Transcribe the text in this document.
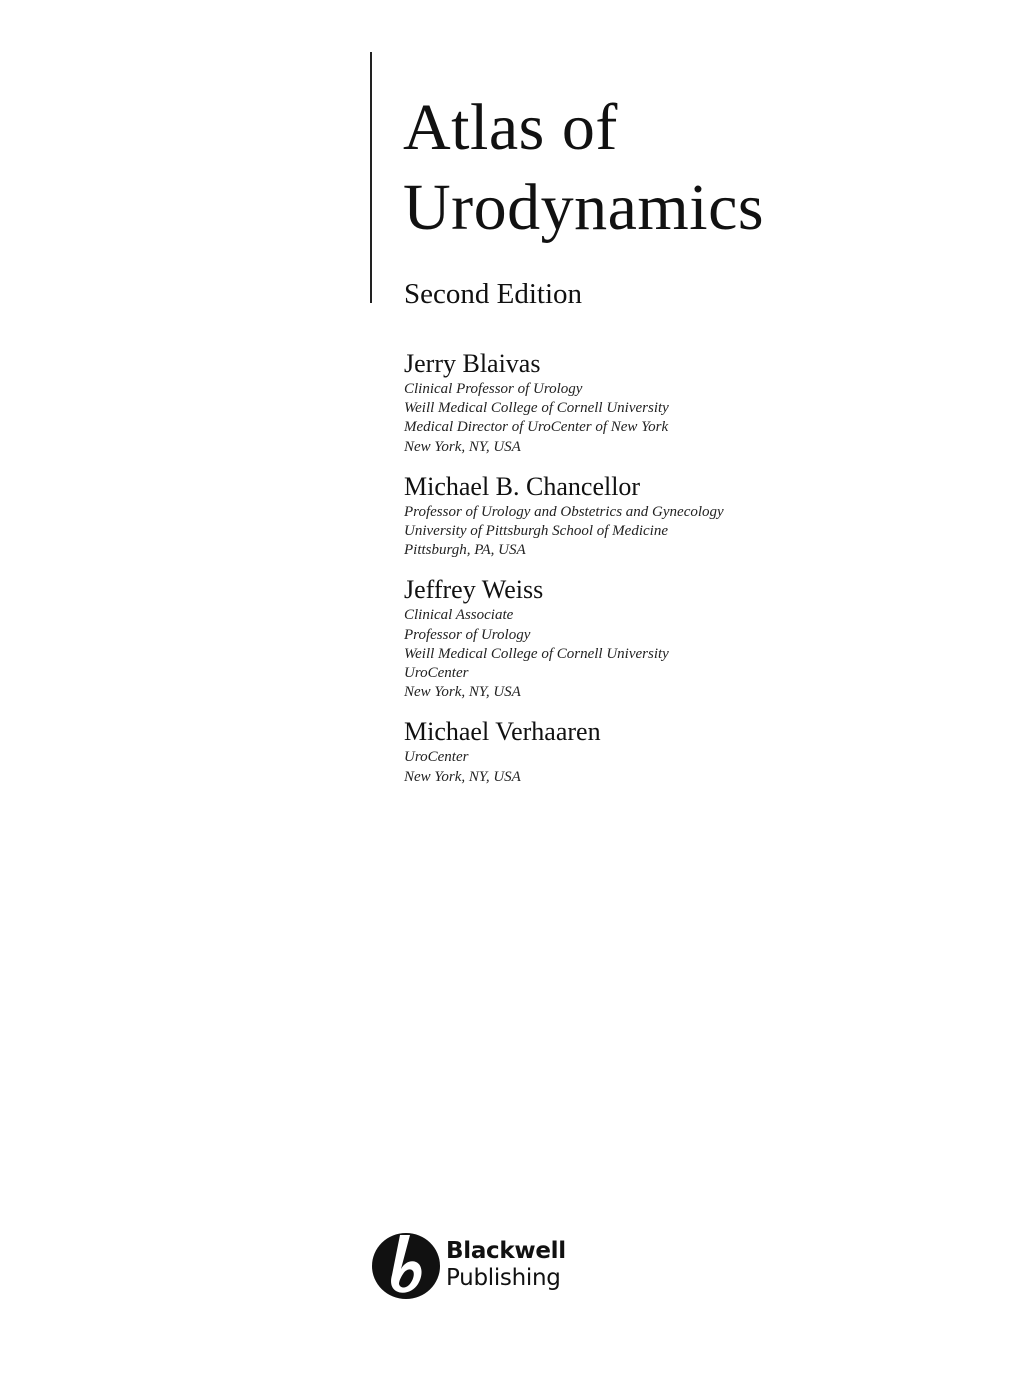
Atlas of
Urodynamics
Second Edition
Jerry Blaivas
Clinical Professor of Urology
Weill Medical College of Cornell University
Medical Director of UroCenter of New York
New York, NY, USA
Michael B. Chancellor
Professor of Urology and Obstetrics and Gynecology
University of Pittsburgh School of Medicine
Pittsburgh, PA, USA
Jeffrey Weiss
Clinical Associate
Professor of Urology
Weill Medical College of Cornell University
UroCenter
New York, NY, USA
Michael Verhaaren
UroCenter
New York, NY, USA
Blackwell
Publishing
